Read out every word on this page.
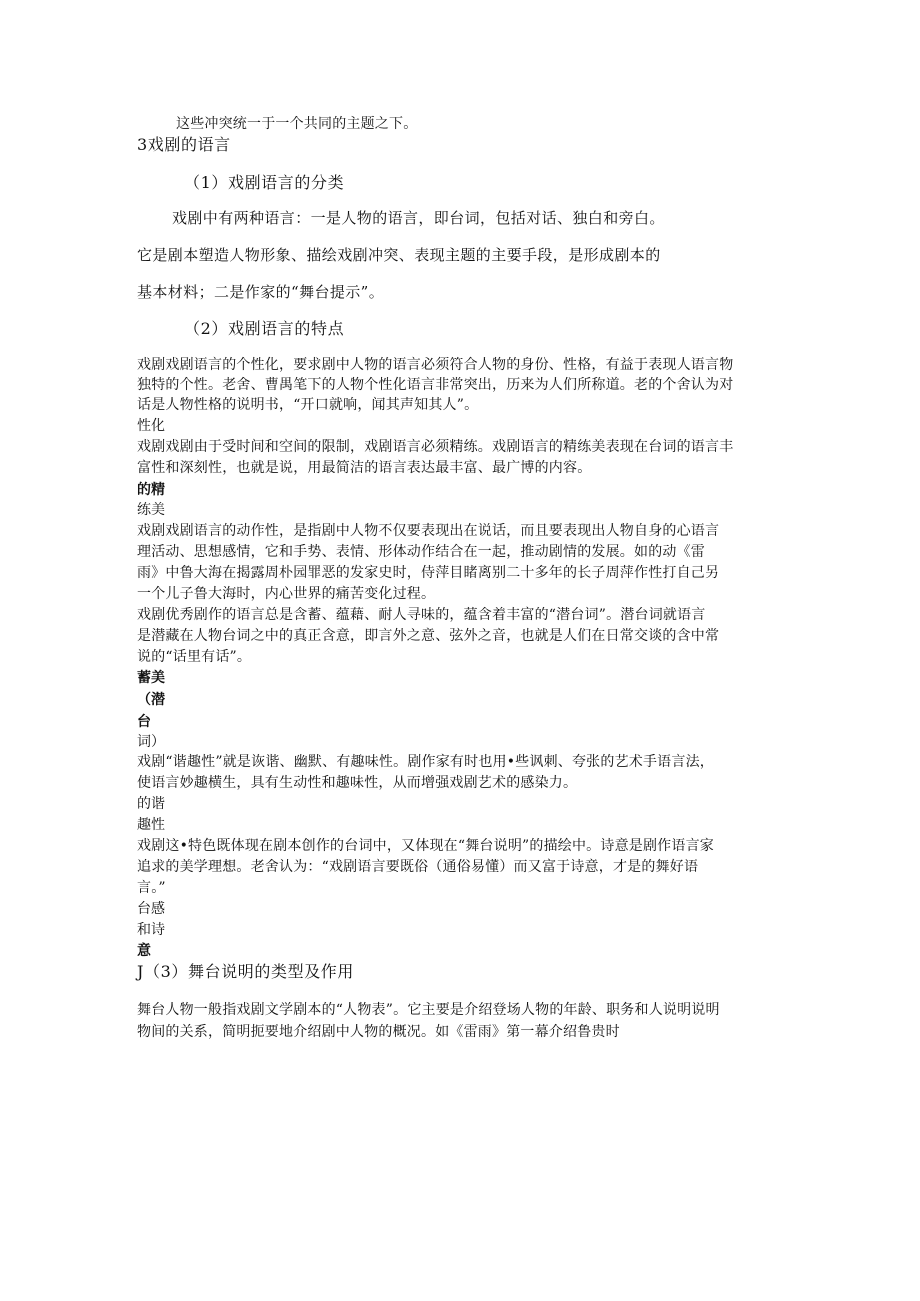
这些冲突统一于一个共同的主题之下。

3戏剧的语言

（1）戏剧语言的分类

戏剧中有两种语言：一是人物的语言，即台词，包括对话、独白和旁白。

它是剧本塑造人物形象、描绘戏剧冲突、表现主题的主要手段，是形成剧本的

基本材料；二是作家的“舞台提示”。

（2）戏剧语言的特点

戏剧戏剧语言的个性化，要求剧中人物的语言必须符合人物的身份、性格，有益于表现人语言物

独特的个性。老舍、曹禺笔下的人物个性化语言非常突出，历来为人们所称道。老的个舍认为对

话是人物性格的说明书，“开口就响，闻其声知其人”。

性化

戏剧戏剧由于受时间和空间的限制，戏剧语言必须精练。戏剧语言的精练美表现在台词的语言丰

富性和深刻性，也就是说，用最简洁的语言表达最丰富、最广博的内容。

的精
练美

戏剧戏剧语言的动作性，是指剧中人物不仅要表现出在说话，而且要表现出人物自身的心语言

理活动、思想感情，它和手势、表情、形体动作结合在一起，推动剧情的发展。如的动《雷

雨》中鲁大海在揭露周朴园罪恶的发家史时，侍萍目睹离别二十多年的长子周萍作性打自己另

一个儿子鲁大海时，内心世界的痛苦变化过程。

戏剧优秀剧作的语言总是含蓄、蕴藉、耐人寻味的，蕴含着丰富的“潜台词”。潜台词就语言

是潜藏在人物台词之中的真正含意，即言外之意、弦外之音，也就是人们在日常交谈的含中常

说的“话里有话”。

蓄美
（潜
台
词）

戏剧“谐趣性”就是诙谐、幽默、有趣味性。剧作家有时也用•些讽刺、夸张的艺术手语言法，

使语言妙趣横生，具有生动性和趣味性，从而增强戏剧艺术的感染力。

的谐
趣性

戏剧这•特色既体现在剧本创作的台词中，又体现在“舞台说明”的描绘中。诗意是剧作语言家

追求的美学理想。老舍认为：“戏剧语言要既俗（通俗易懂）而又富于诗意，才是的舞好语

言。”

台感
和诗
意

J（3）舞台说明的类型及作用

舞台人物一般指戏剧文学剧本的“人物表”。它主要是介绍登场人物的年龄、职务和人说明说明

物间的关系，简明扼要地介绍剧中人物的概况。如《雷雨》第一幕介绍鲁贵时
